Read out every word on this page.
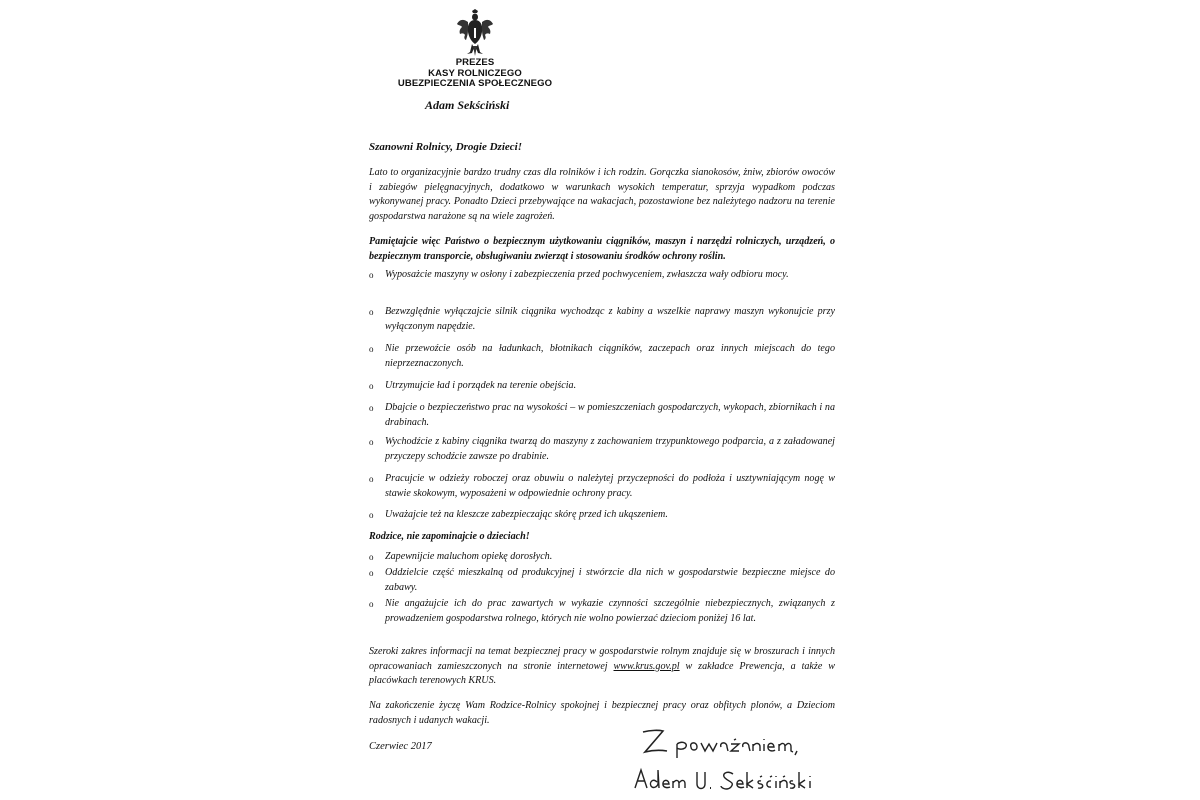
PREZES
KASY ROLNICZEGO
UBEZPIECZENIA SPOŁECZNEGO
Adam Sekściński
Szanowni Rolnicy, Drogie Dzieci!
Lato to organizacyjnie bardzo trudny czas dla rolników i ich rodzin. Gorączka sianokosów, żniw, zbiorów owoców i zabiegów pielęgnacyjnych, dodatkowo w warunkach wysokich temperatur, sprzyja wypadkom podczas wykonywanej pracy. Ponadto Dzieci przebywające na wakacjach, pozostawione bez należytego nadzoru na terenie gospodarstwa narażone są na wiele zagrożeń.
Pamiętajcie więc Państwo o bezpiecznym użytkowaniu ciągników, maszyn i narzędzi rolniczych, urządzeń, o bezpiecznym transporcie, obsługiwaniu zwierząt i stosowaniu środków ochrony roślin.
o Wyposażcie maszyny w osłony i zabezpieczenia przed pochwyceniem, zwłaszcza wały odbioru mocy.
o Bezwzględnie wyłączajcie silnik ciągnika wychodząc z kabiny a wszelkie naprawy maszyn wykonujcie przy wyłączonym napędzie.
o Nie przewoźcie osób na ładunkach, błotnikach ciągników, zaczepach oraz innych miejscach do tego nieprzeznaczonych.
o Utrzymujcie ład i porządek na terenie obejścia.
o Dbajcie o bezpieczeństwo prac na wysokości – w pomieszczeniach gospodarczych, wykopach, zbiornikach i na drabinach.
o Wychodźcie z kabiny ciągnika twarzą do maszyny z zachowaniem trzypunktowego podparcia, a z załadowanej przyczepy schodźcie zawsze po drabinie.
o Pracujcie w odzieży roboczej oraz obuwiu o należytej przyczepności do podłoża i usztywniającym nogę w stawie skokowym, wyposażeni w odpowiednie ochrony pracy.
o Uważajcie też na kleszcze zabezpieczając skórę przed ich ukąszeniem.
Rodzice, nie zapominajcie o dzieciach!
o Zapewnijcie maluchom opiekę dorosłych.
o Oddzielcie część mieszkalną od produkcyjnej i stwórzcie dla nich w gospodarstwie bezpieczne miejsce do zabawy.
o Nie angażujcie ich do prac zawartych w wykazie czynności szczególnie niebezpiecznych, związanych z prowadzeniem gospodarstwa rolnego, których nie wolno powierzać dzieciom poniżej 16 lat.
Szeroki zakres informacji na temat bezpiecznej pracy w gospodarstwie rolnym znajduje się w broszurach i innych opracowaniach zamieszczonych na stronie internetowej www.krus.gov.pl w zakładce Prewencja, a także w placówkach terenowych KRUS.
Na zakończenie życzę Wam Rodzice-Rolnicy spokojnej i bezpiecznej pracy oraz obfitych plonów, a Dzieciom radosnych i udanych wakacji.
Czerwiec 2017
